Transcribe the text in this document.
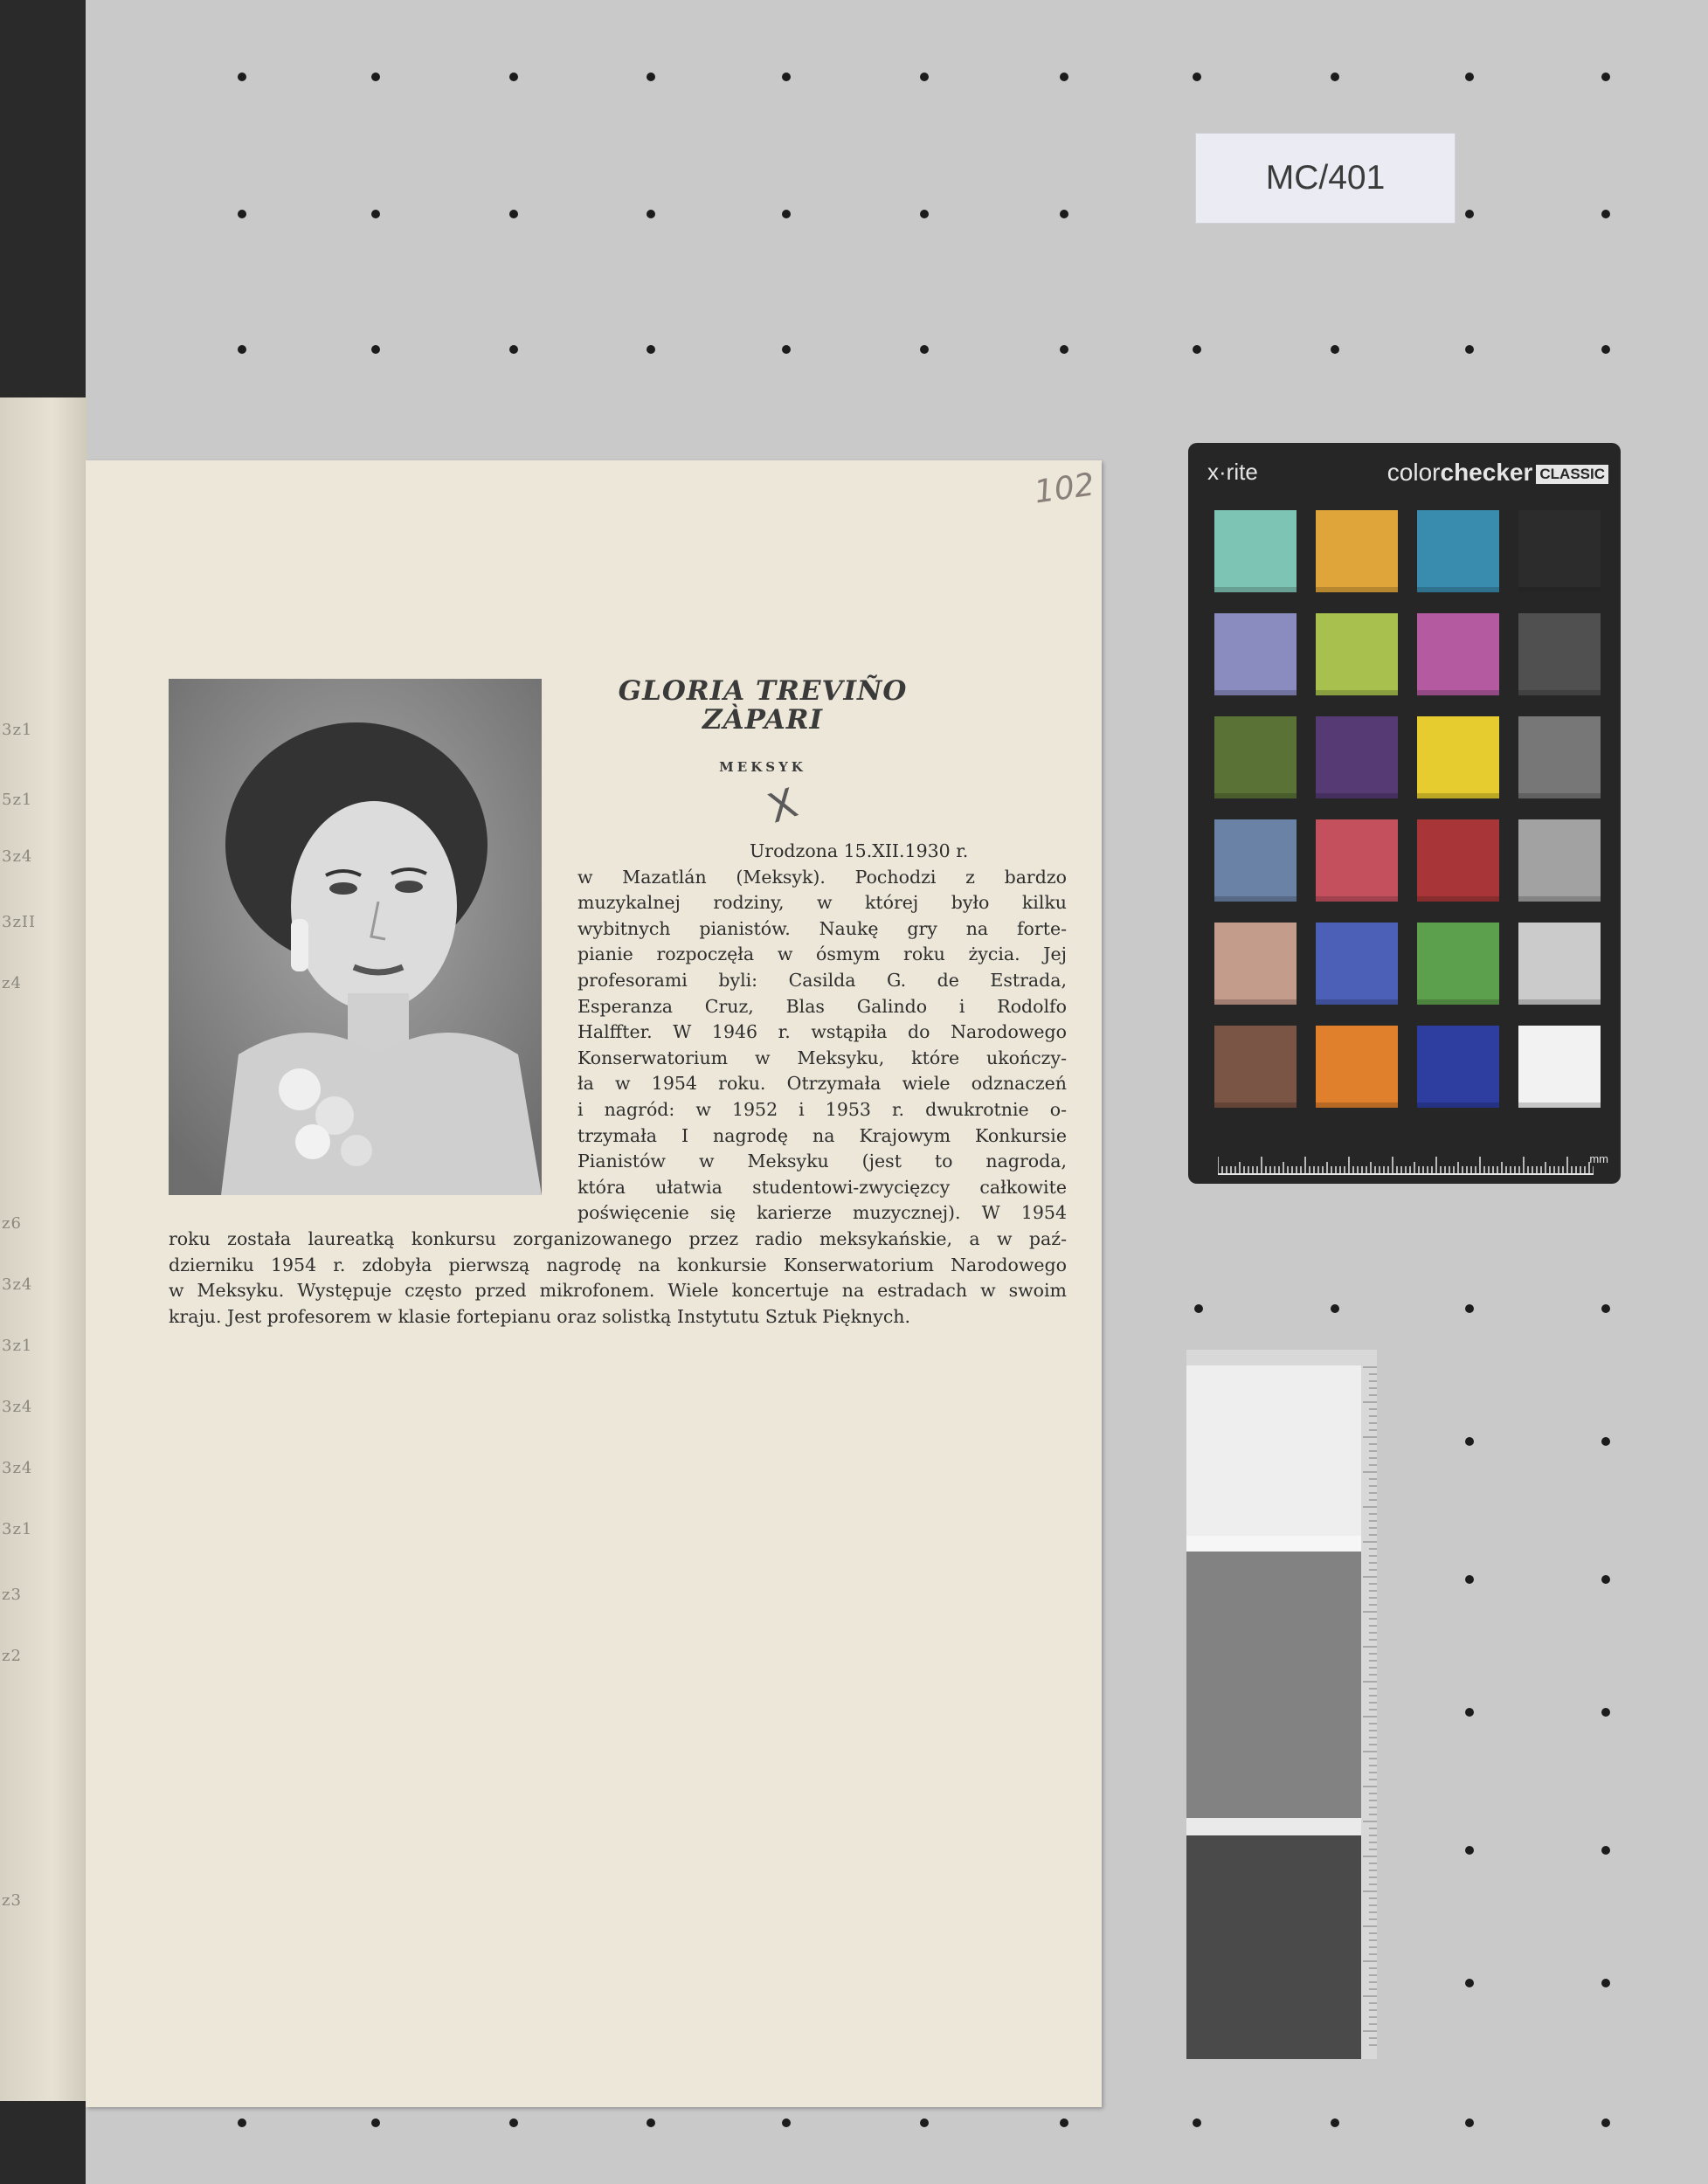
3z1
5z1
3z4
3zII
z4
z6
3z4
3z1
3z4
3z4
3z1
z3
z2
z3
102
GLORIA TREVIÑO
ZÀPARI
MEKSYK
X
Urodzona 15.XII.1930 r.
w Mazatlán (Meksyk). Pochodzi z bardzo
muzykalnej rodziny, w której było kilku
wybitnych pianistów. Naukę gry na forte-
pianie rozpoczęła w ósmym roku życia. Jej
profesorami byli: Casilda G. de Estrada,
Esperanza Cruz, Blas Galindo i Rodolfo
Halffter. W 1946 r. wstąpiła do Narodowego
Konserwatorium w Meksyku, które ukończy-
ła w 1954 roku. Otrzymała wiele odznaczeń
i nagród: w 1952 i 1953 r. dwukrotnie o-
trzymała I nagrodę na Krajowym Konkursie
Pianistów w Meksyku (jest to nagroda,
która ułatwia studentowi-zwycięzcy całkowite
poświęcenie się karierze muzycznej). W 1954
roku została laureatką konkursu zorganizowanego przez radio meksykańskie, a w paź-
dzierniku 1954 r. zdobyła pierwszą nagrodę na konkursie Konserwatorium Narodowego
w Meksyku. Występuje często przed mikrofonem. Wiele koncertuje na estradach w swoim
kraju. Jest profesorem w klasie fortepianu oraz solistką Instytutu Sztuk Pięknych.
MC/401
x·rite	colorchecker CLASSIC
mm
